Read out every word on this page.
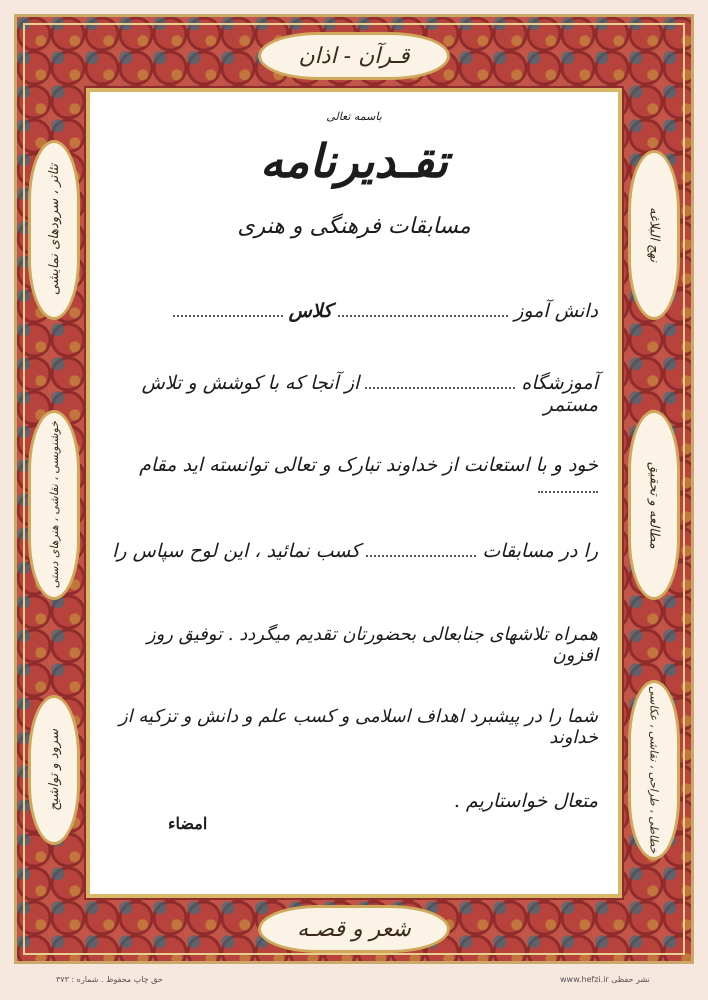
قـرآن - اذان
شعر و قصـه
تئاتر ، سرودهای نمایشی
خوشنویسی ، نقاشی ، هنرهای دستی
سرود و تواشیح
نهج البلاغه
مطالعه و تحقیق
خطاطی ، طراحی ، نقاشی ، عکاسی
باسمه تعالی
تقـدیرنامه
مسابقات فرهنگی و هنری
دانش آموز  کلاس
آموزشگاه  از آنجا که با کوشش و تلاش مستمر
خود و با استعانت از خداوند تبارک و تعالی توانسته اید مقام
را در مسابقات  کسب نمائید ، این لوح سپاس را
همراه تلاشهای جنابعالی بحضورتان تقدیم میگردد . توفیق روز افزون
شما را در پیشبرد اهداف اسلامی و کسب علم و دانش و تزکیه از خداوند
متعال خواستاریم .
امضاء
حق چاپ محفوظ . شماره : ۳۷۳	www.hefzi.ir نشر حفظی
